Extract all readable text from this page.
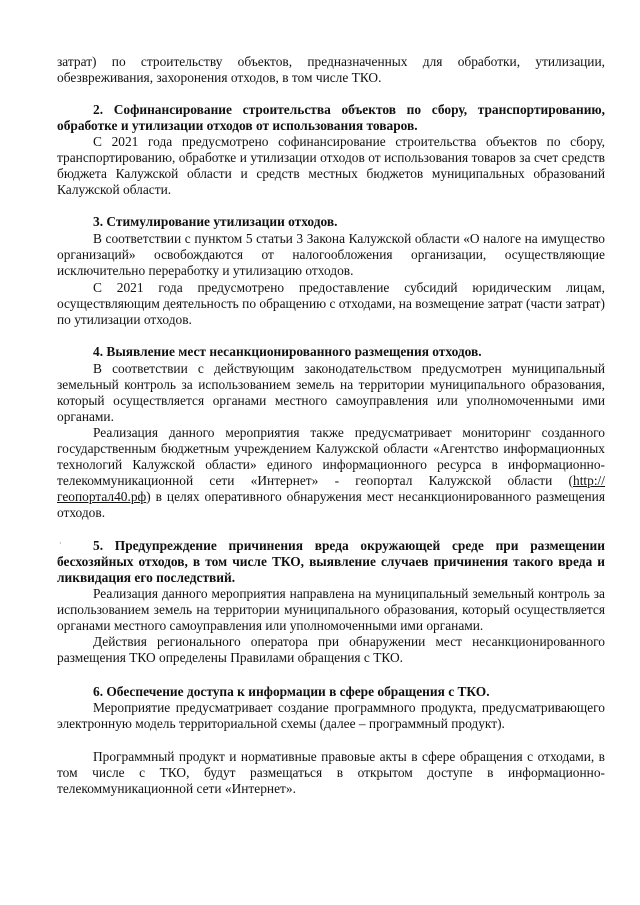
затрат) по строительству объектов, предназначенных для обработки, утилизации, обезвреживания, захоронения отходов, в том числе ТКО.

2. Софинансирование строительства объектов по сбору, транспортированию, обработке и утилизации отходов от использования товаров.

С 2021 года предусмотрено софинансирование строительства объектов по сбору, транспортированию, обработке и утилизации отходов от использования товаров за счет средств бюджета Калужской области и средств местных бюджетов муниципальных образований Калужской области.

3. Стимулирование утилизации отходов.

В соответствии с пунктом 5 статьи 3 Закона Калужской области «О налоге на имущество организаций» освобождаются от налогообложения организации, осуществляющие исключительно переработку и утилизацию отходов.

С 2021 года предусмотрено предоставление субсидий юридическим лицам, осуществляющим деятельность по обращению с отходами, на возмещение затрат (части затрат) по утилизации отходов.

4. Выявление мест несанкционированного размещения отходов.

В соответствии с действующим законодательством предусмотрен муниципальный земельный контроль за использованием земель на территории муниципального образования, который осуществляется органами местного самоуправления или уполномоченными ими органами.

Реализация данного мероприятия также предусматривает мониторинг созданного государственным бюджетным учреждением Калужской области «Агентство информационных технологий Калужской области» единого информационного ресурса в информационно-телекоммуникационной сети «Интернет» - геопортал Калужской области (http://геопортал40.рф) в целях оперативного обнаружения мест несанкционированного размещения отходов.

·	5. Предупреждение причинения вреда окружающей среде при размещении бесхозяйных отходов, в том числе ТКО, выявление случаев причинения такого вреда и ликвидация его последствий.

Реализация данного мероприятия направлена на муниципальный земельный контроль за использованием земель на территории муниципального образования, который осуществляется органами местного самоуправления или уполномоченными ими органами.

Действия регионального оператора при обнаружении мест несанкционированного размещения ТКО определены Правилами обращения с ТКО.

6. Обеспечение доступа к информации в сфере обращения с ТКО.

Мероприятие предусматривает создание программного продукта, предусматривающего электронную модель территориальной схемы (далее – программный продукт).

Программный продукт и нормативные правовые акты в сфере обращения с отходами, в том числе с ТКО, будут размещаться в открытом доступе в информационно-телекоммуникационной сети «Интернет».
